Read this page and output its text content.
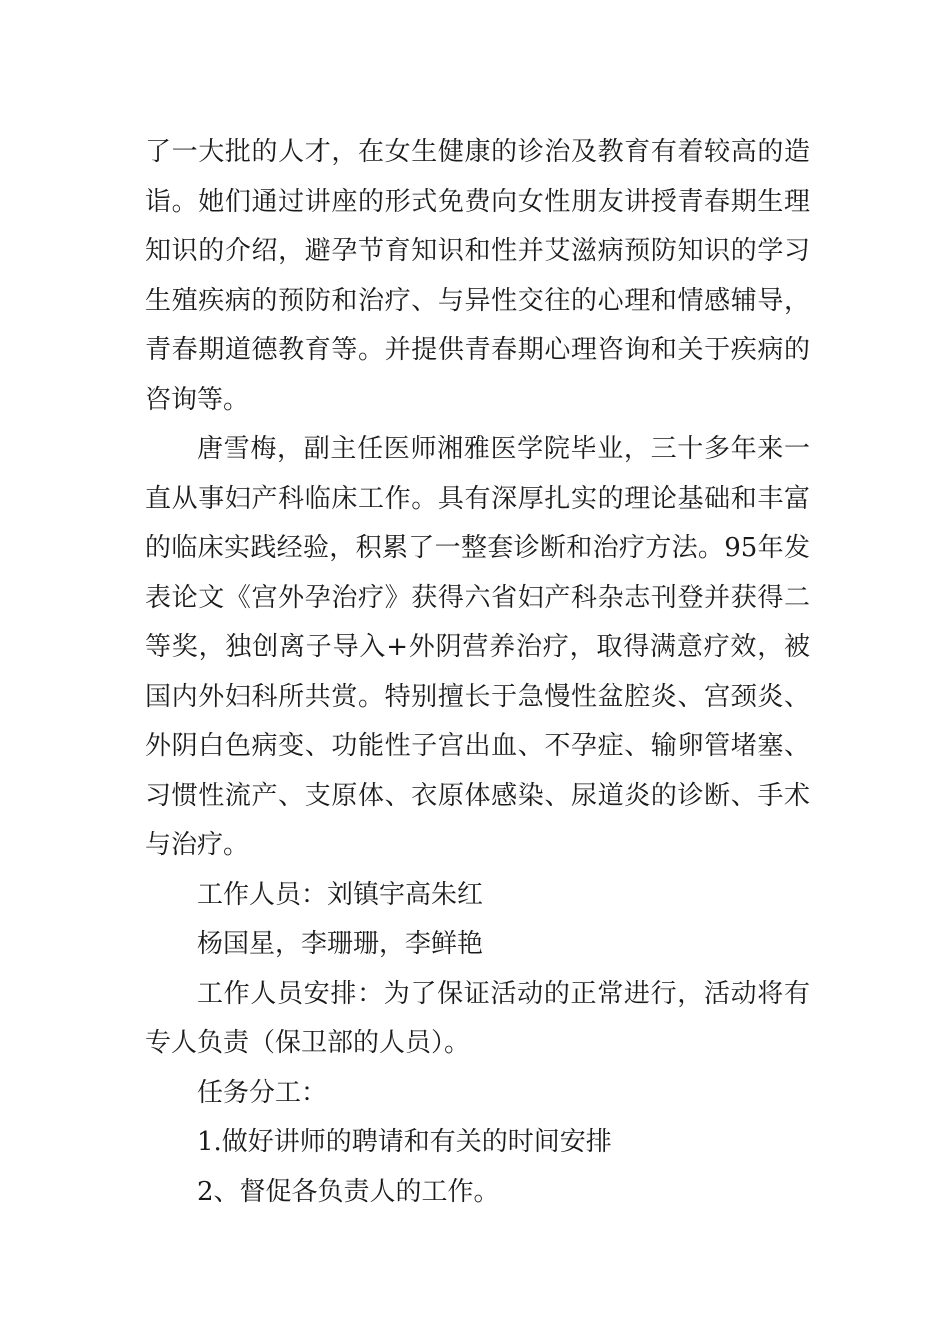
了一大批的人才，在女生健康的诊治及教育有着较高的造诣。她们通过讲座的形式免费向女性朋友讲授青春期生理知识的介绍，避孕节育知识和性并艾滋病预防知识的学习生殖疾病的预防和治疗、与异性交往的心理和情感辅导，青春期道德教育等。并提供青春期心理咨询和关于疾病的咨询等。

唐雪梅，副主任医师湘雅医学院毕业，三十多年来一直从事妇产科临床工作。具有深厚扎实的理论基础和丰富的临床实践经验，积累了一整套诊断和治疗方法。95年发表论文《宫外孕治疗》获得六省妇产科杂志刊登并获得二等奖，独创离子导入+外阴营养治疗，取得满意疗效，被国内外妇科所共赏。特别擅长于急慢性盆腔炎、宫颈炎、外阴白色病变、功能性子宫出血、不孕症、输卵管堵塞、习惯性流产、支原体、衣原体感染、尿道炎的诊断、手术与治疗。

工作人员：刘镇宇高朱红

杨国星，李珊珊，李鲜艳

工作人员安排：为了保证活动的正常进行，活动将有专人负责（保卫部的人员）。

任务分工：

1.做好讲师的聘请和有关的时间安排

2、督促各负责人的工作。
